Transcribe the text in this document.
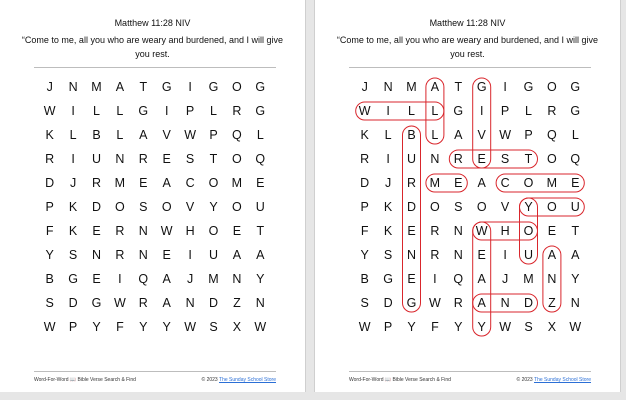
Matthew 11:28 NIV
“Come to me, all you who are weary and burdened, and I will give you rest.
J	N	M	A	T	G	I	G	O	G
W	I	L	L	G	I	P	L	R	G
K	L	B	L	A	V	W	P	Q	L
R	I	U	N	R	E	S	T	O	Q
D	J	R	M	E	A	C	O	M	E
P	K	D	O	S	O	V	Y	O	U
F	K	E	R	N	W	H	O	E	T
Y	S	N	R	N	E	I	U	A	A
B	G	E	I	Q	A	J	M	N	Y
S	D	G	W	R	A	N	D	Z	N
W	P	Y	F	Y	Y	W	S	X	W
Word-For-Word 📖 Bible Verse Search & Find	© 2023 The Sunday School Store
Matthew 11:28 NIV
“Come to me, all you who are weary and burdened, and I will give you rest.
J	N	M	A	T	G	I	G	O	G
W	I	L	L	G	I	P	L	R	G
K	L	B	L	A	V	W	P	Q	L
R	I	U	N	R	E	S	T	O	Q
D	J	R	M	E	A	C	O	M	E
P	K	D	O	S	O	V	Y	O	U
F	K	E	R	N	W	H	O	E	T
Y	S	N	R	N	E	I	U	A	A
B	G	E	I	Q	A	J	M	N	Y
S	D	G	W	R	A	N	D	Z	N
W	P	Y	F	Y	Y	W	S	X	W
Word-For-Word 📖 Bible Verse Search & Find	© 2023 The Sunday School Store
